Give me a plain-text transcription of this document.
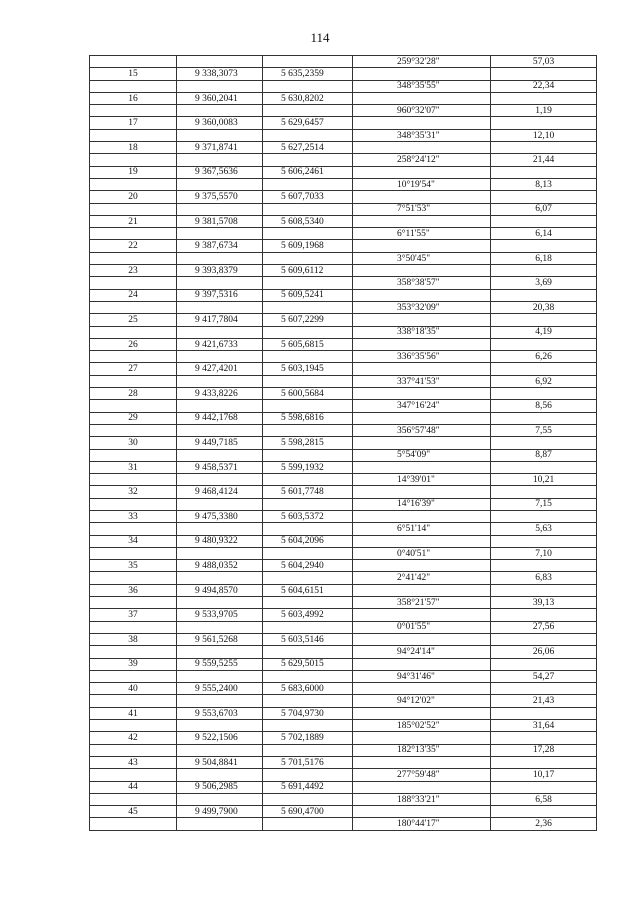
114
			259°32'28"	57,03
15	9 338,3073	5 635,2359		
			348°35'55"	22,34
16	9 360,2041	5 630,8202		
			960°32'07"	1,19
17	9 360,0083	5 629,6457		
			348°35'31"	12,10
18	9 371,8741	5 627,2514		
			258°24'12"	21,44
19	9 367,5636	5 606,2461		
			10°19'54"	8,13
20	9 375,5570	5 607,7033		
			7°51'53"	6,07
21	9 381,5708	5 608,5340		
			6°11'55"	6,14
22	9 387,6734	5 609,1968		
			3°50'45"	6,18
23	9 393,8379	5 609,6112		
			358°38'57"	3,69
24	9 397,5316	5 609,5241		
			353°32'09"	20,38
25	9 417,7804	5 607,2299		
			338°18'35"	4,19
26	9 421,6733	5 605,6815		
			336°35'56"	6,26
27	9 427,4201	5 603,1945		
			337°41'53"	6,92
28	9 433,8226	5 600,5684		
			347°16'24"	8,56
29	9 442,1768	5 598,6816		
			356°57'48"	7,55
30	9 449,7185	5 598,2815		
			5°54'09"	8,87
31	9 458,5371	5 599,1932		
			14°39'01"	10,21
32	9 468,4124	5 601,7748		
			14°16'39"	7,15
33	9 475,3380	5 603,5372		
			6°51'14"	5,63
34	9 480,9322	5 604,2096		
			0°40'51"	7,10
35	9 488,0352	5 604,2940		
			2°41'42"	6,83
36	9 494,8570	5 604,6151		
			358°21'57"	39,13
37	9 533,9705	5 603,4992		
			0°01'55"	27,56
38	9 561,5268	5 603,5146		
			94°24'14"	26,06
39	9 559,5255	5 629,5015		
			94°31'46"	54,27
40	9 555,2400	5 683,6000		
			94°12'02"	21,43
41	9 553,6703	5 704,9730		
			185°02'52"	31,64
42	9 522,1506	5 702,1889		
			182°13'35"	17,28
43	9 504,8841	5 701,5176		
			277°59'48"	10,17
44	9 506,2985	5 691,4492		
			188°33'21"	6,58
45	9 499,7900	5 690,4700		
			180°44'17"	2,36
